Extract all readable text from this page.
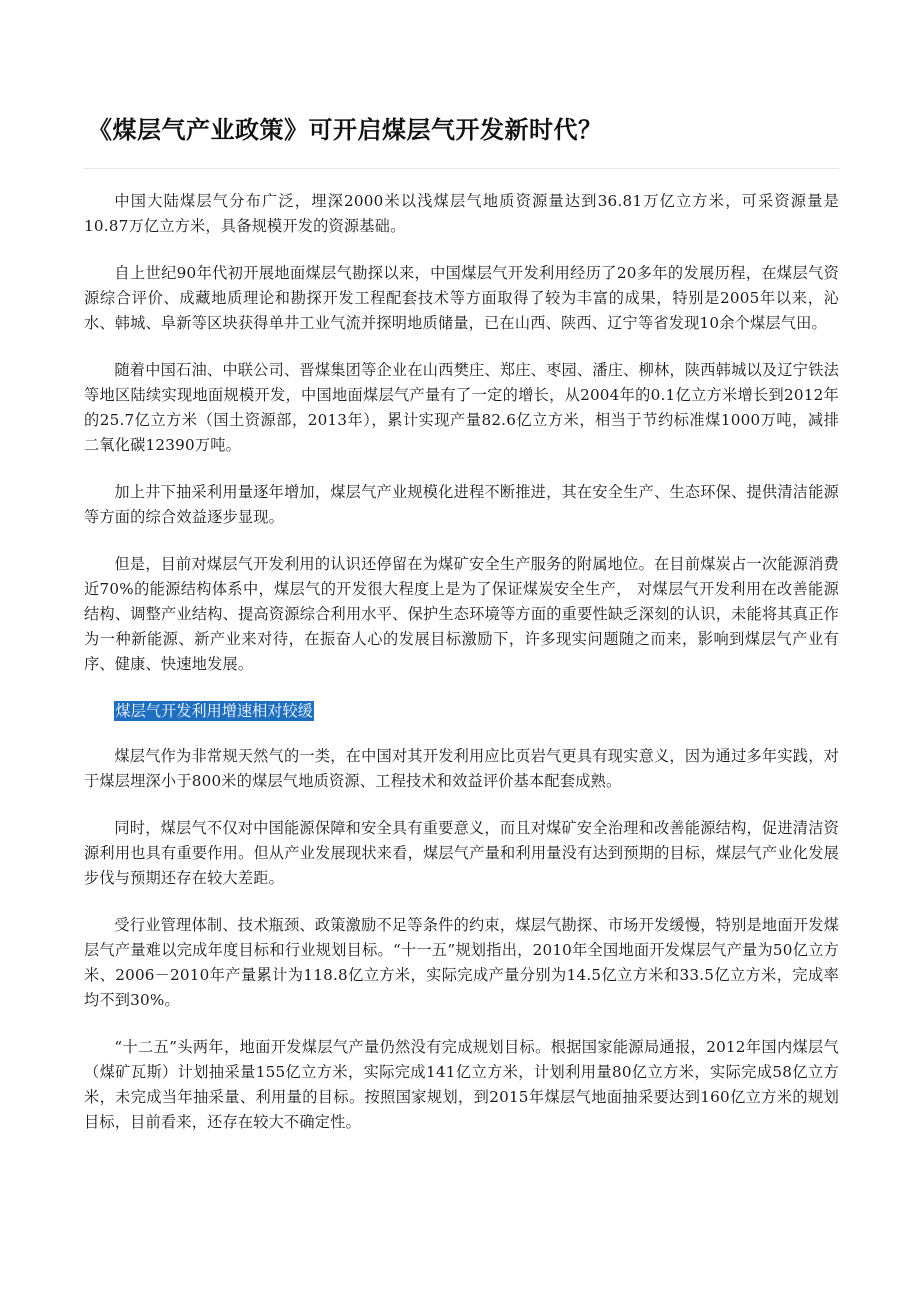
《煤层气产业政策》可开启煤层气开发新时代？

中国大陆煤层气分布广泛，埋深2000米以浅煤层气地质资源量达到36.81万亿立方米，可采资源量是10.87万亿立方米，具备规模开发的资源基础。

自上世纪90年代初开展地面煤层气勘探以来，中国煤层气开发利用经历了20多年的发展历程，在煤层气资源综合评价、成藏地质理论和勘探开发工程配套技术等方面取得了较为丰富的成果，特别是2005年以来，沁水、韩城、阜新等区块获得单井工业气流并探明地质储量，已在山西、陕西、辽宁等省发现10余个煤层气田。

随着中国石油、中联公司、晋煤集团等企业在山西樊庄、郑庄、枣园、潘庄、柳林，陕西韩城以及辽宁铁法等地区陆续实现地面规模开发，中国地面煤层气产量有了一定的增长，从2004年的0.1亿立方米增长到2012年的25.7亿立方米（国土资源部，2013年），累计实现产量82.6亿立方米，相当于节约标准煤1000万吨，减排二氧化碳12390万吨。

加上井下抽采利用量逐年增加，煤层气产业规模化进程不断推进，其在安全生产、生态环保、提供清洁能源等方面的综合效益逐步显现。

但是，目前对煤层气开发利用的认识还停留在为煤矿安全生产服务的附属地位。在目前煤炭占一次能源消费近70%的能源结构体系中，煤层气的开发很大程度上是为了保证煤炭安全生产， 对煤层气开发利用在改善能源结构、调整产业结构、提高资源综合利用水平、保护生态环境等方面的重要性缺乏深刻的认识，未能将其真正作为一种新能源、新产业来对待，在振奋人心的发展目标激励下，许多现实问题随之而来，影响到煤层气产业有序、健康、快速地发展。

煤层气开发利用增速相对较缓

煤层气作为非常规天然气的一类，在中国对其开发利用应比页岩气更具有现实意义，因为通过多年实践，对于煤层埋深小于800米的煤层气地质资源、工程技术和效益评价基本配套成熟。

同时，煤层气不仅对中国能源保障和安全具有重要意义，而且对煤矿安全治理和改善能源结构，促进清洁资源利用也具有重要作用。但从产业发展现状来看，煤层气产量和利用量没有达到预期的目标，煤层气产业化发展步伐与预期还存在较大差距。

受行业管理体制、技术瓶颈、政策激励不足等条件的约束，煤层气勘探、市场开发缓慢，特别是地面开发煤层气产量难以完成年度目标和行业规划目标。“十一五”规划指出，2010年全国地面开发煤层气产量为50亿立方米、2006－2010年产量累计为118.8亿立方米，实际完成产量分别为14.5亿立方米和33.5亿立方米，完成率均不到30%。

“十二五”头两年，地面开发煤层气产量仍然没有完成规划目标。根据国家能源局通报，2012年国内煤层气（煤矿瓦斯）计划抽采量155亿立方米，实际完成141亿立方米，计划利用量80亿立方米，实际完成58亿立方米，未完成当年抽采量、利用量的目标。按照国家规划，到2015年煤层气地面抽采要达到160亿立方米的规划目标，目前看来，还存在较大不确定性。
